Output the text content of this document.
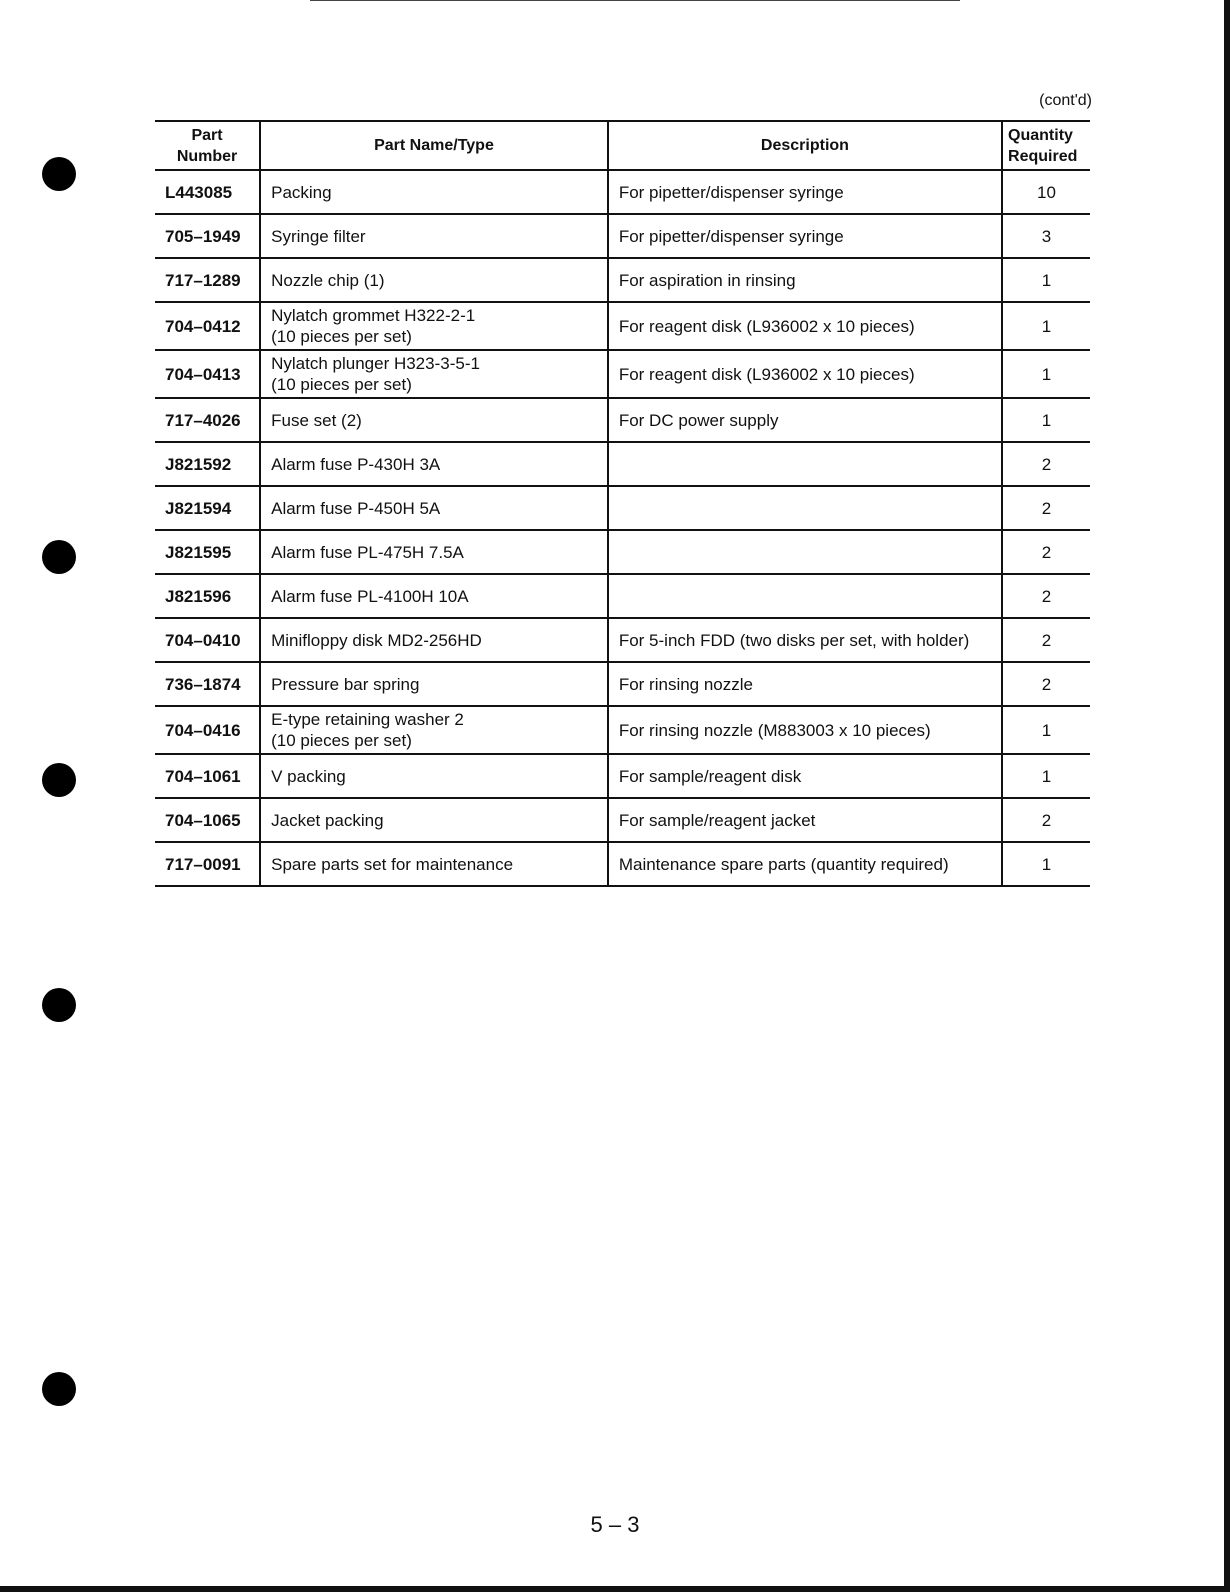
(cont'd)
Part
Number	Part Name/Type	Description	Quantity
Required

L443085	Packing	For pipetter/dispenser syringe	10
705–1949	Syringe filter	For pipetter/dispenser syringe	3
717–1289	Nozzle chip (1)	For aspiration in rinsing	1
704–0412	Nylatch grommet H322-2-1
(10 pieces per set)	For reagent disk (L936002 x 10 pieces)	1
704–0413	Nylatch plunger H323-3-5-1
(10 pieces per set)	For reagent disk (L936002 x 10 pieces)	1
717–4026	Fuse set (2)	For DC power supply	1
J821592	Alarm fuse P-430H 3A		2
J821594	Alarm fuse P-450H 5A		2
J821595	Alarm fuse PL-475H 7.5A		2
J821596	Alarm fuse PL-4100H 10A		2
704–0410	Minifloppy disk MD2-256HD	For 5-inch FDD (two disks per set, with holder)	2
736–1874	Pressure bar spring	For rinsing nozzle	2
704–0416	E-type retaining washer 2
(10 pieces per set)	For rinsing nozzle (M883003 x 10 pieces)	1
704–1061	V packing	For sample/reagent disk	1
704–1065	Jacket packing	For sample/reagent jacket	2
717–0091	Spare parts set for maintenance	Maintenance spare parts (quantity required)	1
5 – 3
